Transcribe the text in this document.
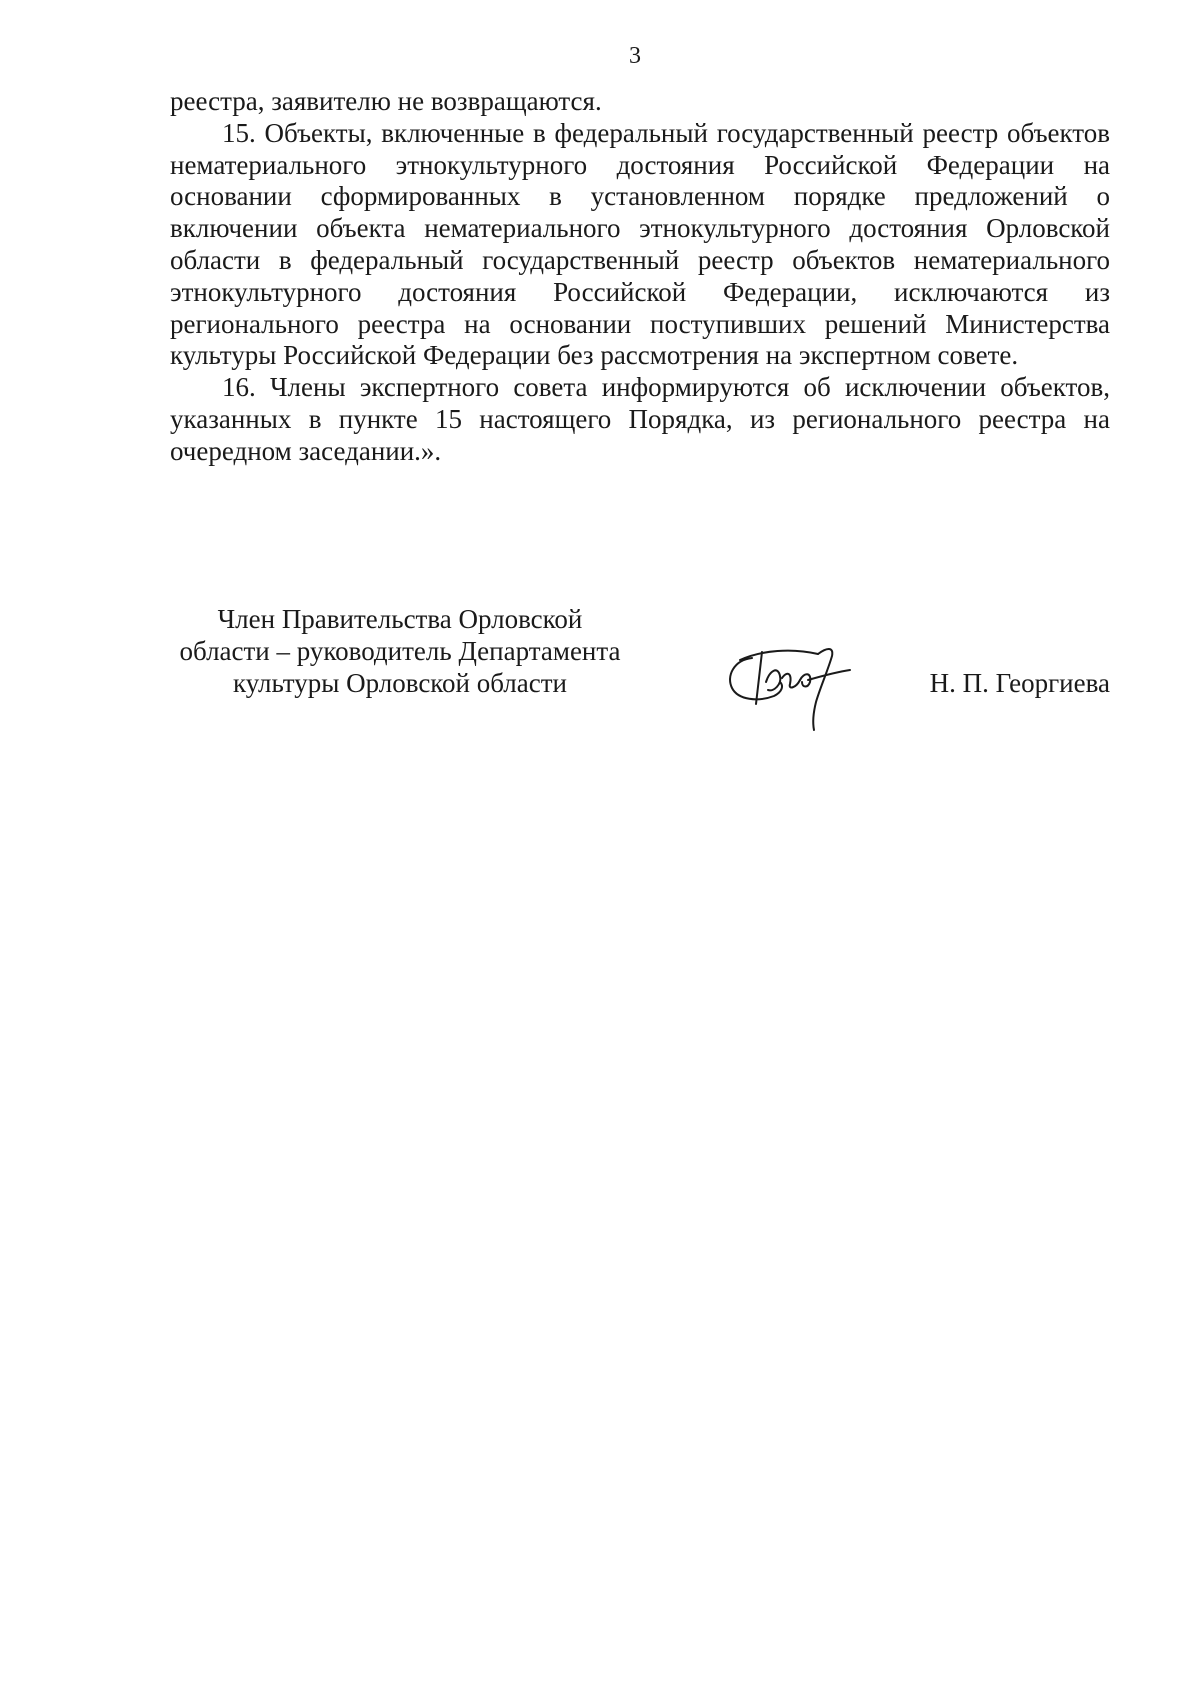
3

реестра, заявителю не возвращаются.

15. Объекты, включенные в федеральный государственный реестр объектов нематериального этнокультурного достояния Российской Федерации на основании сформированных в установленном порядке предложений о включении объекта нематериального этнокультурного достояния Орловской области в федеральный государственный реестр объектов нематериального этнокультурного достояния Российской Федерации, исключаются из регионального реестра на основании поступивших решений Министерства культуры Российской Федерации без рассмотрения на экспертном совете.

16. Члены экспертного совета информируются об исключении объектов, указанных в пункте 15 настоящего Порядка, из регионального реестра на очередном заседании.».

Член Правительства Орловской
области – руководитель Департамента
культуры Орловской области	Н. П. Георгиева
